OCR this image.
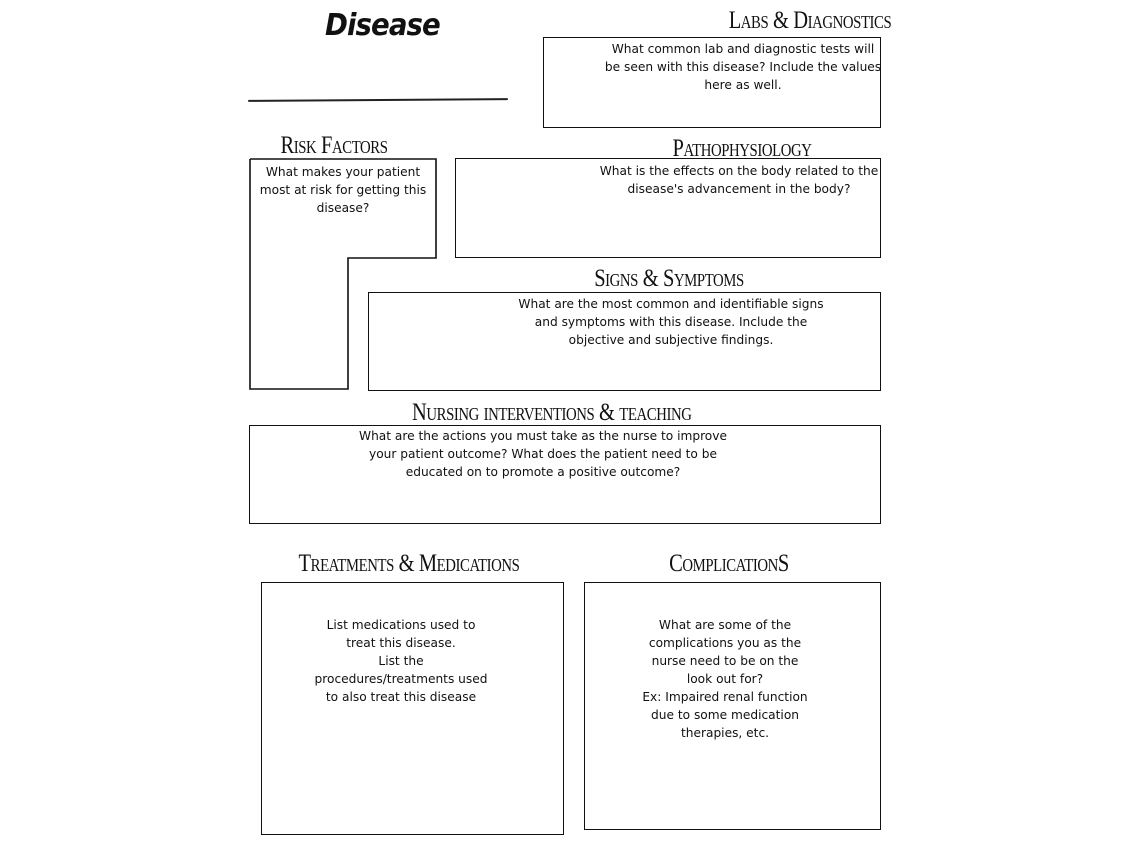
Disease	Labs & Diagnostics
What common lab and diagnostic tests will be seen with this disease? Include the values here as well.
Risk Factors
What makes your patient most at risk for getting this disease?
Pathophysiology
What is the effects on the body related to the disease's advancement in the body?
Signs & Symptoms
What are the most common and identifiable signs and symptoms with this disease. Include the objective and subjective findings.
Nursing interventions & teaching
What are the actions you must take as the nurse to improve your patient outcome? What does the patient need to be educated on to promote a positive outcome?
Treatments & Medications
List medications used to
treat this disease.
List the
procedures/treatments used
to also treat this disease
ComplicationS
What are some of the
complications you as the
nurse need to be on the
look out for?
Ex: Impaired renal function
due to some medication
therapies, etc.
